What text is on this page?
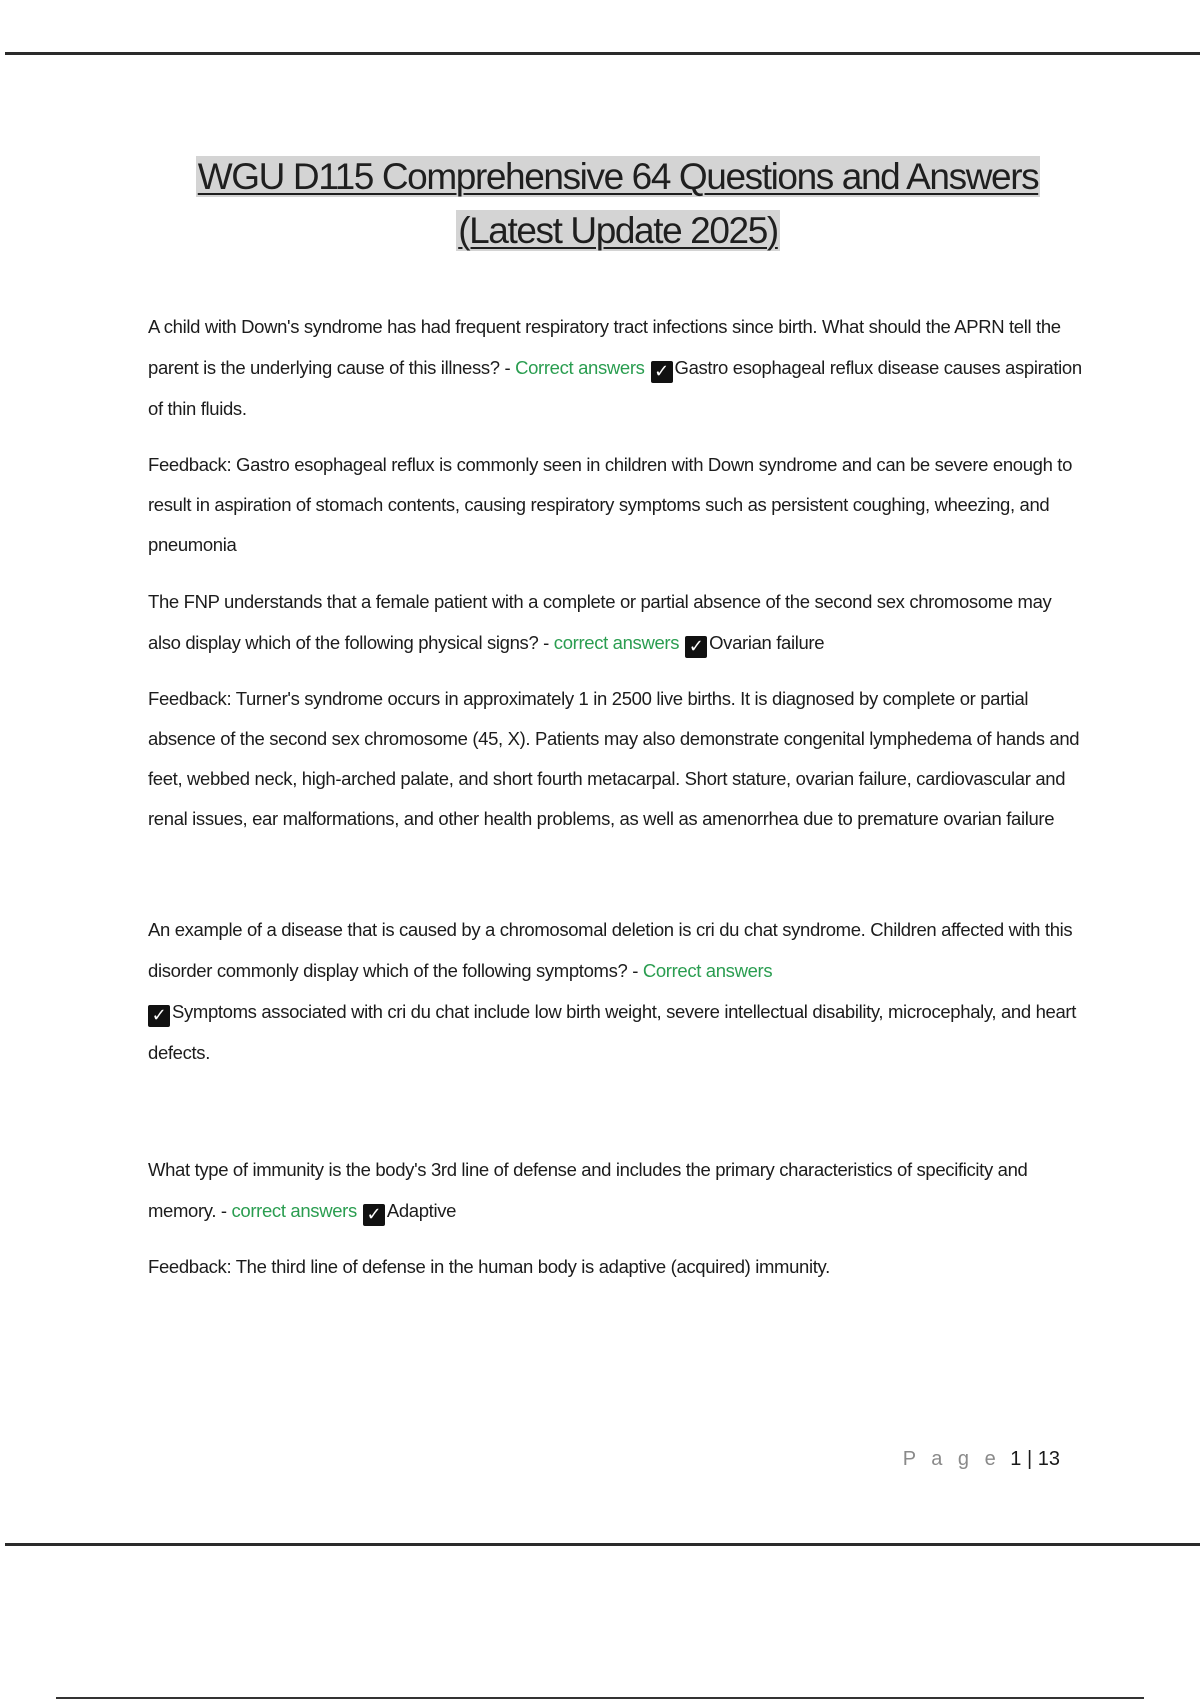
WGU D115 Comprehensive 64 Questions and Answers
(Latest Update 2025)

A child with Down's syndrome has had frequent respiratory tract infections since birth. What should the APRN tell the parent is the underlying cause of this illness? - Correct answers ✓ Gastro esophageal reflux disease causes aspiration of thin fluids.

Feedback: Gastro esophageal reflux is commonly seen in children with Down syndrome and can be severe enough to result in aspiration of stomach contents, causing respiratory symptoms such as persistent coughing, wheezing, and pneumonia

The FNP understands that a female patient with a complete or partial absence of the second sex chromosome may also display which of the following physical signs? - correct answers ✓ Ovarian failure

Feedback: Turner's syndrome occurs in approximately 1 in 2500 live births. It is diagnosed by complete or partial absence of the second sex chromosome (45, X). Patients may also demonstrate congenital lymphedema of hands and feet, webbed neck, high-arched palate, and short fourth metacarpal. Short stature, ovarian failure, cardiovascular and renal issues, ear malformations, and other health problems, as well as amenorrhea due to premature ovarian failure

An example of a disease that is caused by a chromosomal deletion is cri du chat syndrome. Children affected with this disorder commonly display which of the following symptoms? - Correct answers
✓ Symptoms associated with cri du chat include low birth weight, severe intellectual disability, microcephaly, and heart defects.

What type of immunity is the body's 3rd line of defense and includes the primary characteristics of specificity and memory. - correct answers ✓ Adaptive

Feedback: The third line of defense in the human body is adaptive (acquired) immunity.

P a g e 1 | 13
